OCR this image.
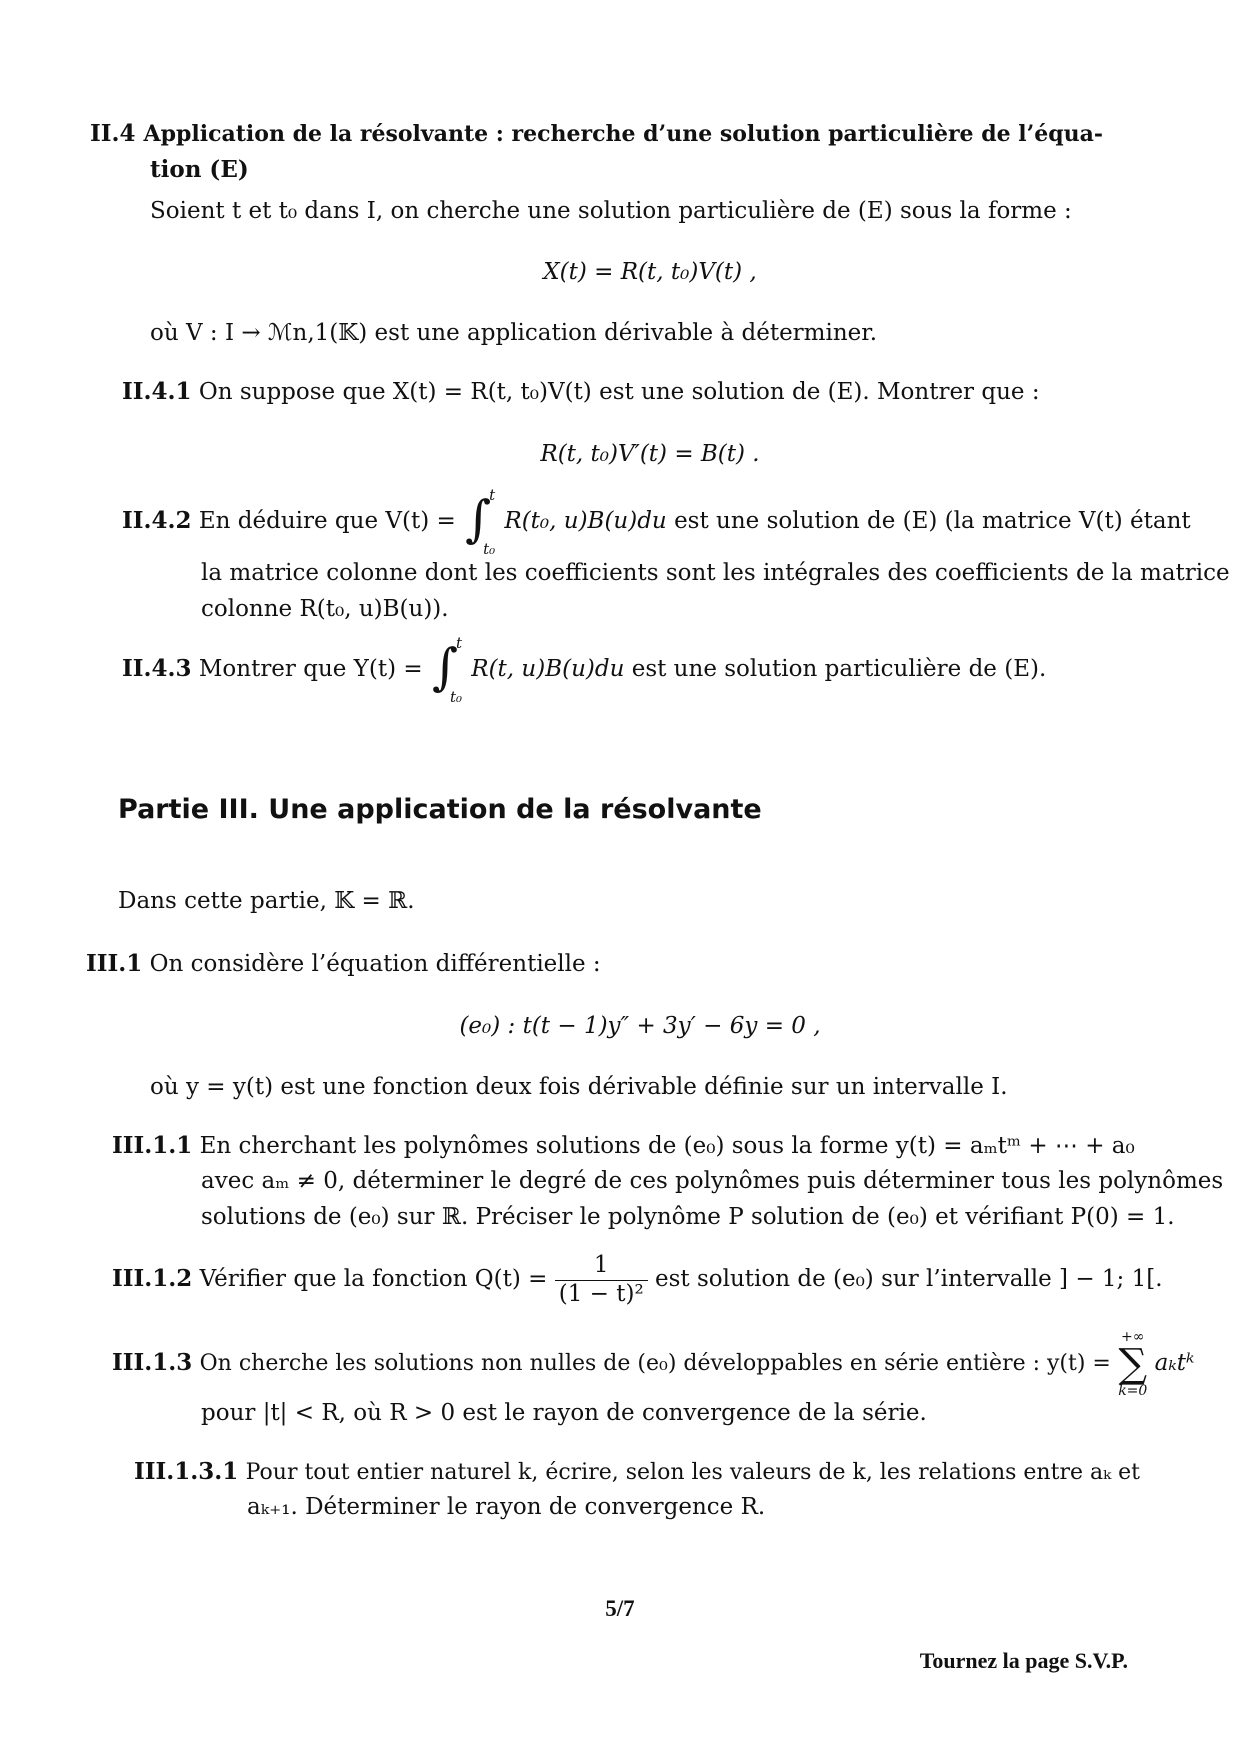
II.4 Application de la résolvante : recherche d’une solution particulière de l’équa-
tion (E)
Soient t et t₀ dans I, on cherche une solution particulière de (E) sous la forme :
X(t) = R(t, t₀)V(t) ,
où V : I → ℳn,1(𝕂) est une application dérivable à déterminer.
II.4.1 On suppose que X(t) = R(t, t₀)V(t) est une solution de (E). Montrer que :
R(t, t₀)V′(t) = B(t) .
II.4.2 En déduire que V(t) = ∫
t
t₀
R(t₀, u)B(u)du est une solution de (E) (la matrice V(t) étant
la matrice colonne dont les coefficients sont les intégrales des coefficients de la matrice
colonne R(t₀, u)B(u)).
II.4.3 Montrer que Y(t) = ∫
t
t₀
R(t, u)B(u)du est une solution particulière de (E).
Partie III. Une application de la résolvante
Dans cette partie, 𝕂 = ℝ.
III.1 On considère l’équation différentielle :
(e₀) : t(t − 1)y″ + 3y′ − 6y = 0 ,
où y = y(t) est une fonction deux fois dérivable définie sur un intervalle I.
III.1.1 En cherchant les polynômes solutions de (e₀) sous la forme y(t) = aₘtᵐ + ⋯ + a₀
avec aₘ ≠ 0, déterminer le degré de ces polynômes puis déterminer tous les polynômes
solutions de (e₀) sur ℝ. Préciser le polynôme P solution de (e₀) et vérifiant P(0) = 1.
III.1.2 Vérifier que la fonction $Q(t) = \frac{1}{\text{(1 − t)²}}$ est solution de (e₀) sur l’intervalle ] − 1; 1[.
III.1.3 On cherche les solutions non nulles de (e₀) développables en série entière : y(t) =
+∞
∑
k=0
aₖtᵏ
pour |t| < R, où R > 0 est le rayon de convergence de la série.
III.1.3.1 Pour tout entier naturel k, écrire, selon les valeurs de k, les relations entre aₖ et
aₖ₊₁. Déterminer le rayon de convergence R.
5/7
Tournez la page S.V.P.
